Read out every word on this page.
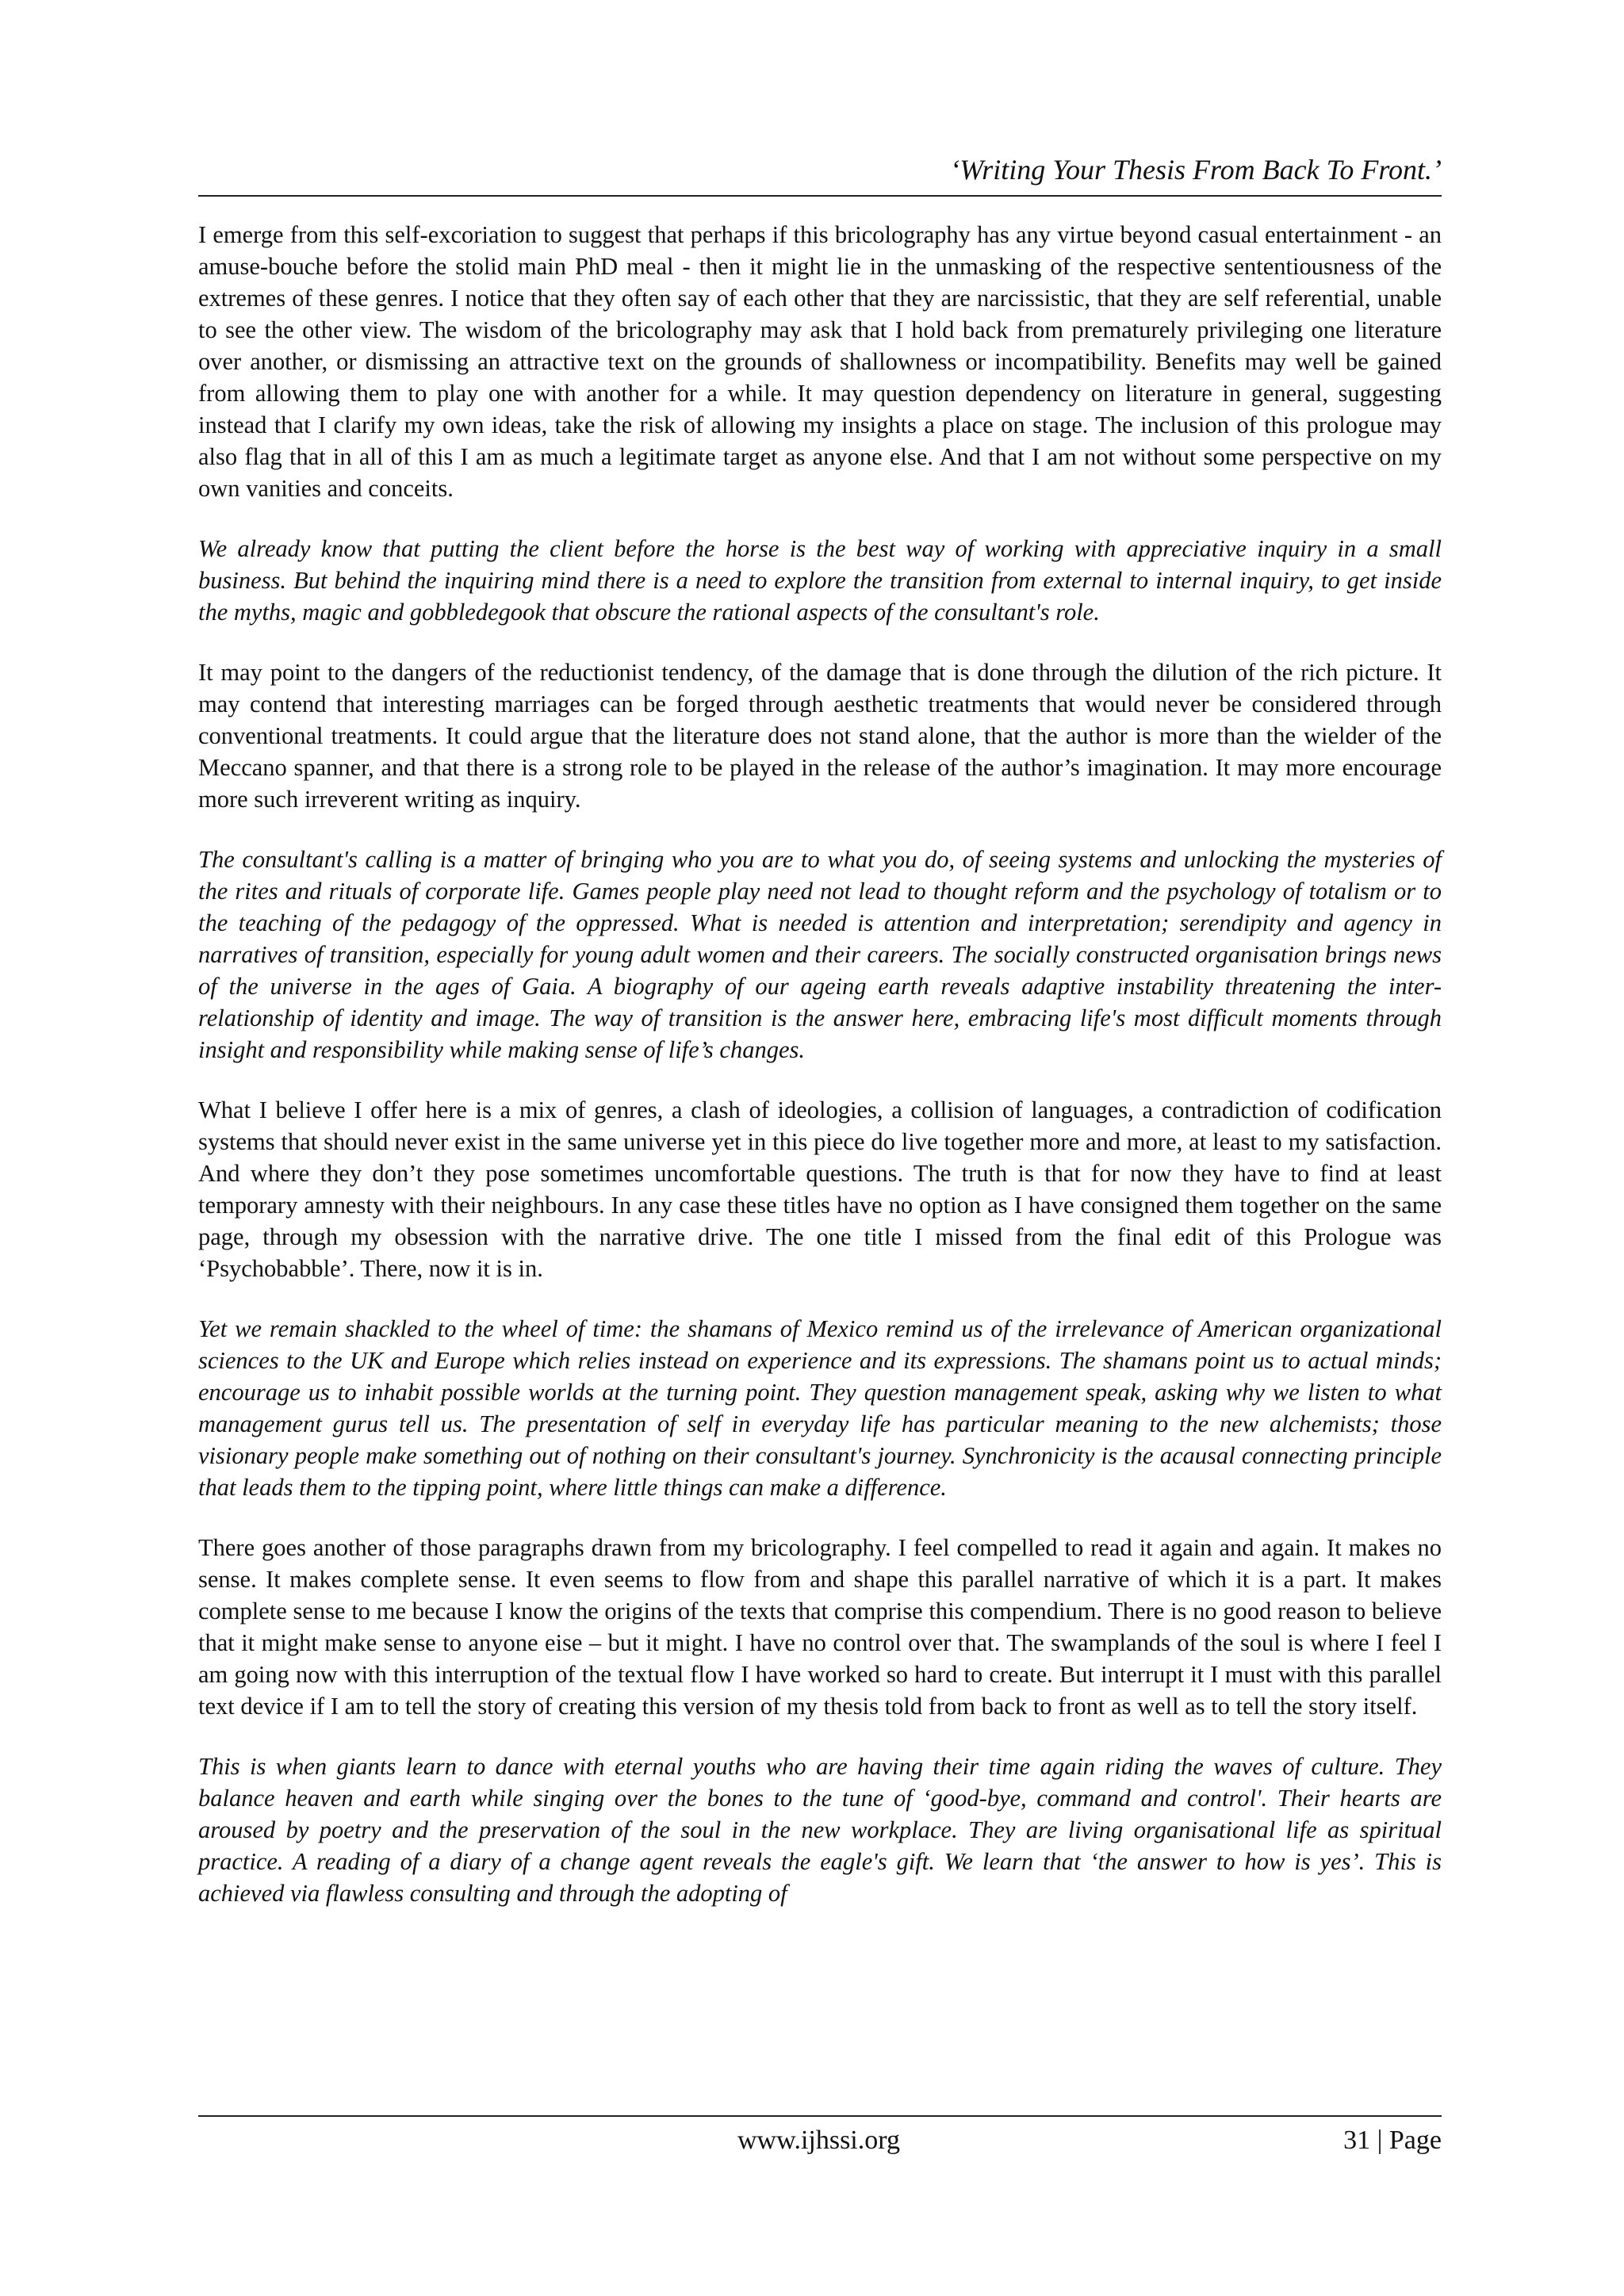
‘Writing Your Thesis From Back To Front.’

I emerge from this self-excoriation to suggest that perhaps if this bricolography has any virtue beyond casual entertainment - an amuse-bouche before the stolid main PhD meal - then it might lie in the unmasking of the respective sententiousness of the extremes of these genres. I notice that they often say of each other that they are narcissistic, that they are self referential, unable to see the other view. The wisdom of the bricolography may ask that I hold back from prematurely privileging one literature over another, or dismissing an attractive text on the grounds of shallowness or incompatibility. Benefits may well be gained from allowing them to play one with another for a while. It may question dependency on literature in general, suggesting instead that I clarify my own ideas, take the risk of allowing my insights a place on stage. The inclusion of this prologue may also flag that in all of this I am as much a legitimate target as anyone else. And that I am not without some perspective on my own vanities and conceits.

We already know that putting the client before the horse is the best way of working with appreciative inquiry in a small business. But behind the inquiring mind there is a need to explore the transition from external to internal inquiry, to get inside the myths, magic and gobbledegook that obscure the rational aspects of the consultant's role.

It may point to the dangers of the reductionist tendency, of the damage that is done through the dilution of the rich picture. It may contend that interesting marriages can be forged through aesthetic treatments that would never be considered through conventional treatments. It could argue that the literature does not stand alone, that the author is more than the wielder of the Meccano spanner, and that there is a strong role to be played in the release of the author’s imagination. It may more encourage more such irreverent writing as inquiry.

The consultant's calling is a matter of bringing who you are to what you do, of seeing systems and unlocking the mysteries of the rites and rituals of corporate life. Games people play need not lead to thought reform and the psychology of totalism or to the teaching of the pedagogy of the oppressed. What is needed is attention and interpretation; serendipity and agency in narratives of transition, especially for young adult women and their careers. The socially constructed organisation brings news of the universe in the ages of Gaia. A biography of our ageing earth reveals adaptive instability threatening the inter-relationship of identity and image. The way of transition is the answer here, embracing life's most difficult moments through insight and responsibility while making sense of life’s changes.

What I believe I offer here is a mix of genres, a clash of ideologies, a collision of languages, a contradiction of codification systems that should never exist in the same universe yet in this piece do live together more and more, at least to my satisfaction. And where they don’t they pose sometimes uncomfortable questions. The truth is that for now they have to find at least temporary amnesty with their neighbours. In any case these titles have no option as I have consigned them together on the same page, through my obsession with the narrative drive. The one title I missed from the final edit of this Prologue was ‘Psychobabble’. There, now it is in.

Yet we remain shackled to the wheel of time: the shamans of Mexico remind us of the irrelevance of American organizational sciences to the UK and Europe which relies instead on experience and its expressions. The shamans point us to actual minds; encourage us to inhabit possible worlds at the turning point. They question management speak, asking why we listen to what management gurus tell us. The presentation of self in everyday life has particular meaning to the new alchemists; those visionary people make something out of nothing on their consultant's journey. Synchronicity is the acausal connecting principle that leads them to the tipping point, where little things can make a difference.

There goes another of those paragraphs drawn from my bricolography. I feel compelled to read it again and again. It makes no sense. It makes complete sense. It even seems to flow from and shape this parallel narrative of which it is a part. It makes complete sense to me because I know the origins of the texts that comprise this compendium. There is no good reason to believe that it might make sense to anyone eise – but it might. I have no control over that. The swamplands of the soul is where I feel I am going now with this interruption of the textual flow I have worked so hard to create. But interrupt it I must with this parallel text device if I am to tell the story of creating this version of my thesis told from back to front as well as to tell the story itself.

This is when giants learn to dance with eternal youths who are having their time again riding the waves of culture. They balance heaven and earth while singing over the bones to the tune of ‘good-bye, command and control'. Their hearts are aroused by poetry and the preservation of the soul in the new workplace. They are living organisational life as spiritual practice. A reading of a diary of a change agent reveals the eagle's gift. We learn that ‘the answer to how is yes’. This is achieved via flawless consulting and through the adopting of

www.ijhssi.org	31 | Page
